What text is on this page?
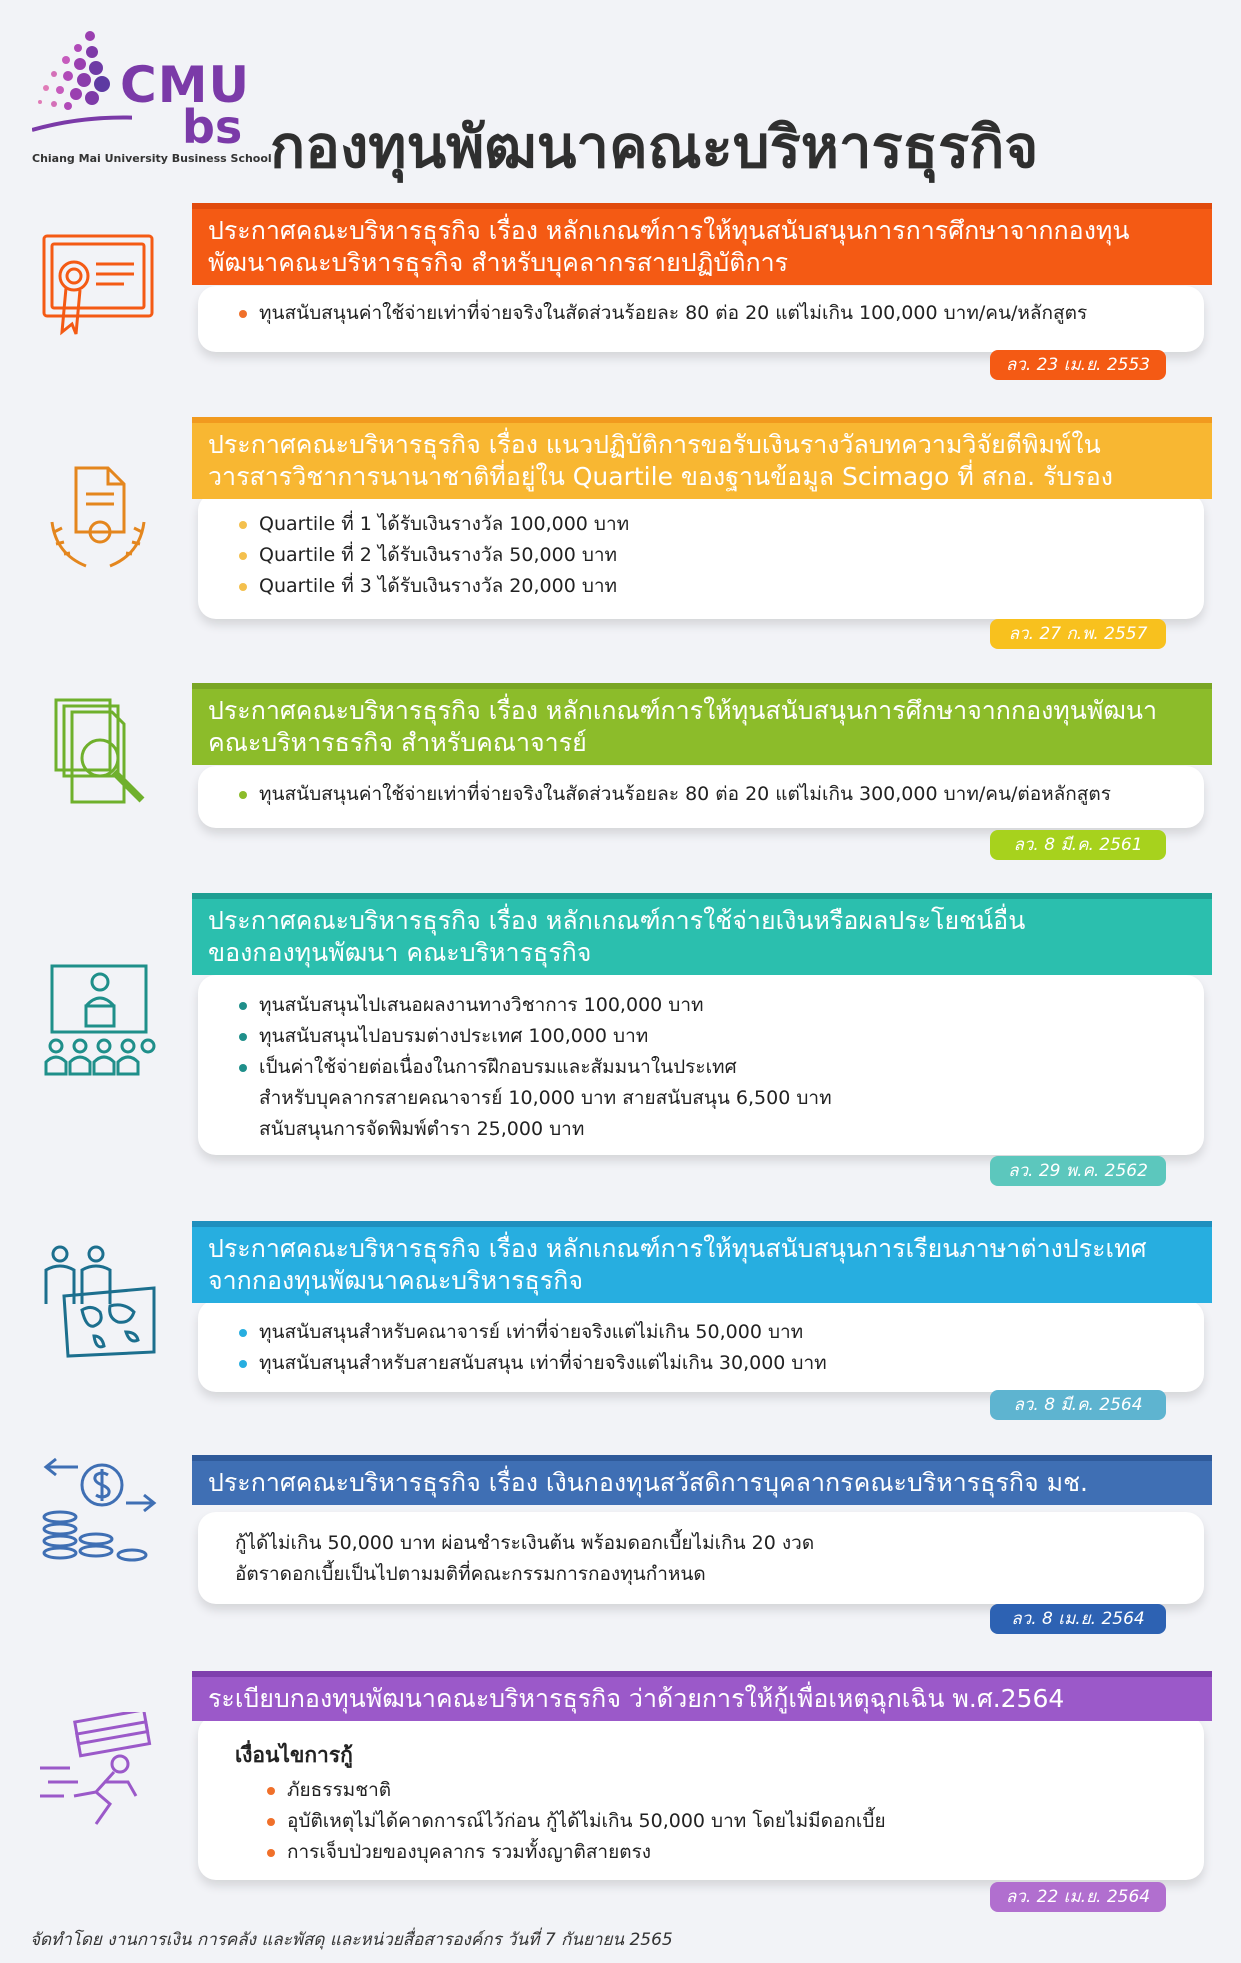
CMU
bs
Chiang Mai University Business School
กองทุนพัฒนาคณะบริหารธุรกิจ
ประกาศคณะบริหารธุรกิจ เรื่อง หลักเกณฑ์การให้ทุนสนับสนุนการการศึกษาจากกองทุน
พัฒนาคณะบริหารธุรกิจ สำหรับบุคลากรสายปฏิบัติการ
ทุนสนับสนุนค่าใช้จ่ายเท่าที่จ่ายจริงในสัดส่วนร้อยละ 80 ต่อ 20 แต่ไม่เกิน 100,000 บาท/คน/หลักสูตร
ลว. 23 เม.ย. 2553
ประกาศคณะบริหารธุรกิจ เรื่อง แนวปฏิบัติการขอรับเงินรางวัลบทความวิจัยตีพิมพ์ใน
วารสารวิชาการนานาชาติที่อยู่ใน Quartile ของฐานข้อมูล Scimago ที่ สกอ. รับรอง
Quartile ที่ 1 ได้รับเงินรางวัล 100,000 บาท
Quartile ที่ 2 ได้รับเงินรางวัล 50,000 บาท
Quartile ที่ 3 ได้รับเงินรางวัล 20,000 บาท
ลว. 27 ก.พ. 2557
ประกาศคณะบริหารธุรกิจ เรื่อง หลักเกณฑ์การให้ทุนสนับสนุนการศึกษาจากกองทุนพัฒนา
คณะบริหารธรกิจ สำหรับคณาจารย์
ทุนสนับสนุนค่าใช้จ่ายเท่าที่จ่ายจริงในสัดส่วนร้อยละ 80 ต่อ 20 แต่ไม่เกิน 300,000 บาท/คน/ต่อหลักสูตร
ลว. 8 มี.ค. 2561
ประกาศคณะบริหารธุรกิจ เรื่อง หลักเกณฑ์การใช้จ่ายเงินหรือผลประโยชน์อื่น
ของกองทุนพัฒนา คณะบริหารธุรกิจ
ทุนสนับสนุนไปเสนอผลงานทางวิชาการ 100,000 บาท
ทุนสนับสนุนไปอบรมต่างประเทศ 100,000 บาท
เป็นค่าใช้จ่ายต่อเนื่องในการฝึกอบรมและสัมมนาในประเทศ
สำหรับบุคลากรสายคณาจารย์ 10,000 บาท สายสนับสนุน 6,500 บาท
สนับสนุนการจัดพิมพ์ตำรา 25,000 บาท
ลว. 29 พ.ค. 2562
ประกาศคณะบริหารธุรกิจ เรื่อง หลักเกณฑ์การให้ทุนสนับสนุนการเรียนภาษาต่างประเทศ
จากกองทุนพัฒนาคณะบริหารธุรกิจ
ทุนสนับสนุนสำหรับคณาจารย์ เท่าที่จ่ายจริงแต่ไม่เกิน 50,000 บาท
ทุนสนับสนุนสำหรับสายสนับสนุน เท่าที่จ่ายจริงแต่ไม่เกิน 30,000 บาท
ลว. 8 มี.ค. 2564
ประกาศคณะบริหารธุรกิจ เรื่อง เงินกองทุนสวัสดิการบุคลากรคณะบริหารธุรกิจ มช.
กู้ได้ไม่เกิน 50,000 บาท ผ่อนชำระเงินต้น พร้อมดอกเบี้ยไม่เกิน 20 งวด
อัตราดอกเบี้ยเป็นไปตามมติที่คณะกรรมการกองทุนกำหนด
ลว. 8 เม.ย. 2564
ระเบียบกองทุนพัฒนาคณะบริหารธุรกิจ ว่าด้วยการให้กู้เพื่อเหตุฉุกเฉิน พ.ศ.2564
เงื่อนไขการกู้
ภัยธรรมชาติ
อุบัติเหตุไม่ได้คาดการณ์ไว้ก่อน กู้ได้ไม่เกิน 50,000 บาท โดยไม่มีดอกเบี้ย
การเจ็บป่วยของบุคลากร รวมทั้งญาติสายตรง
ลว. 22 เม.ย. 2564
จัดทำโดย งานการเงิน การคลัง และพัสดุ และหน่วยสื่อสารองค์กร วันที่ 7 กันยายน 2565
